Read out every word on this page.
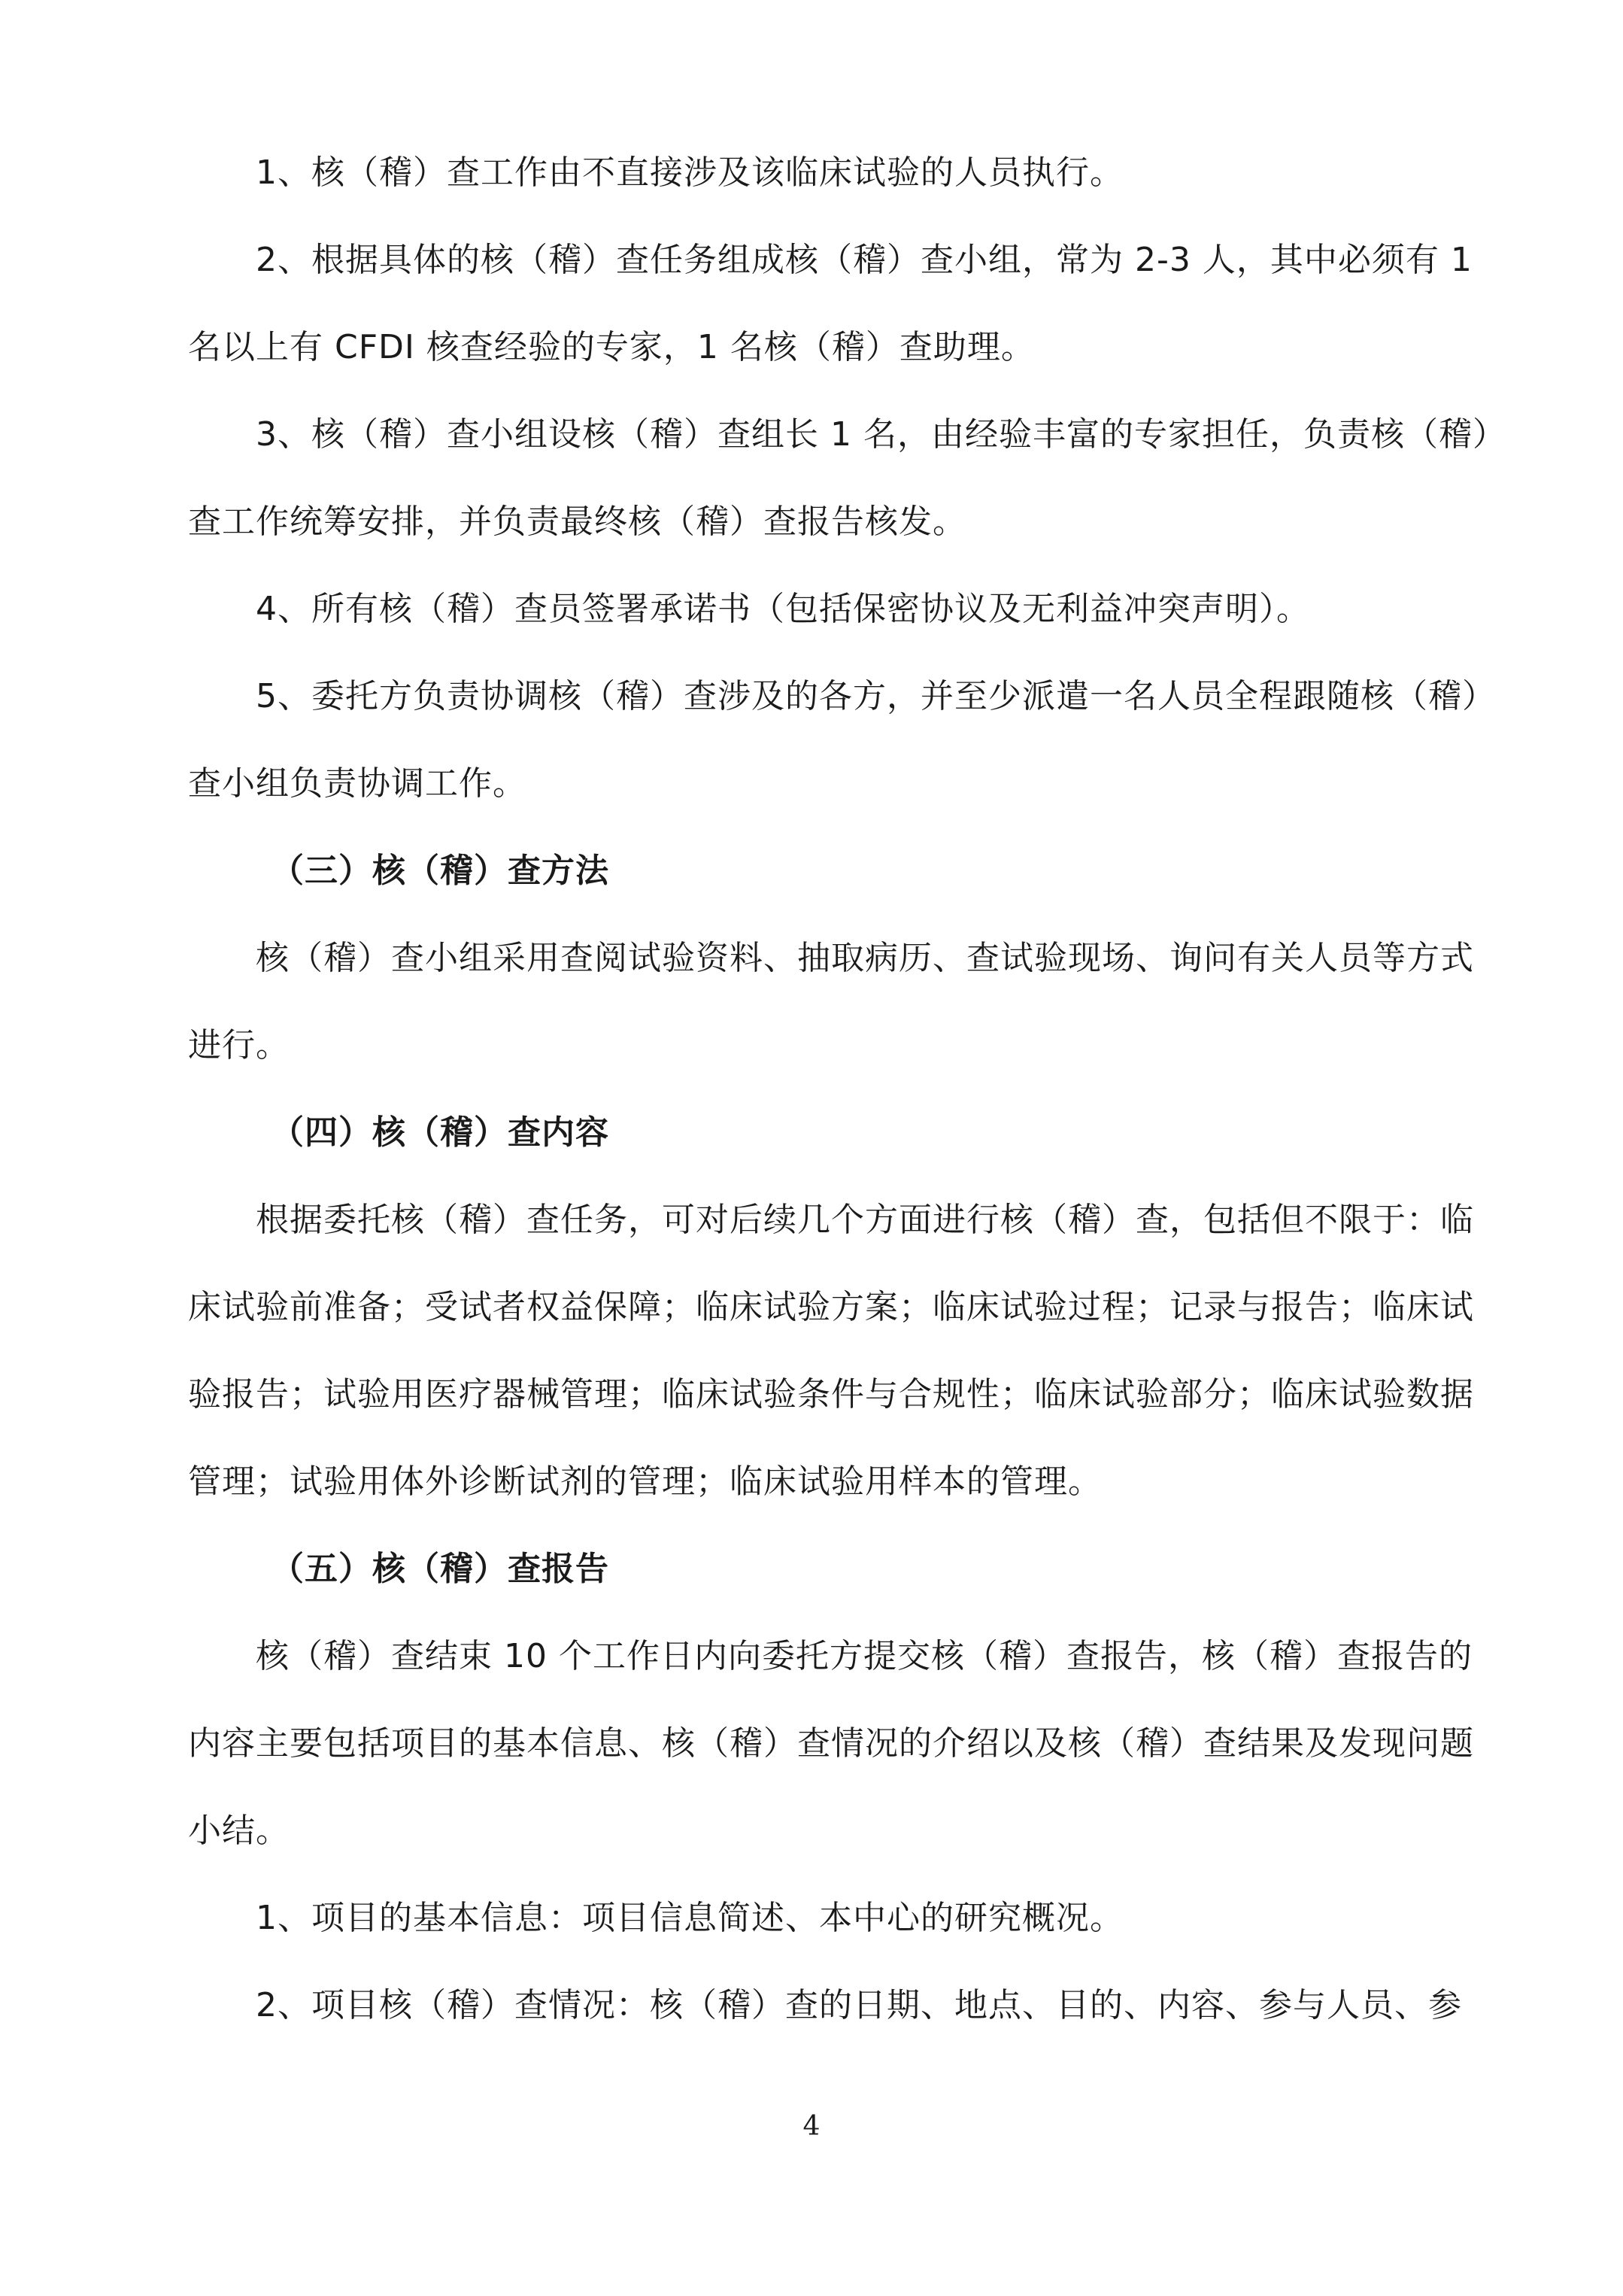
1、核（稽）查工作由不直接涉及该临床试验的人员执行。
2、根据具体的核（稽）查任务组成核（稽）查小组，常为 2-3 人，其中必须有 1
名以上有 CFDI 核查经验的专家，1 名核（稽）查助理。
3、核（稽）查小组设核（稽）查组长 1 名，由经验丰富的专家担任，负责核（稽）
查工作统筹安排，并负责最终核（稽）查报告核发。
4、所有核（稽）查员签署承诺书（包括保密协议及无利益冲突声明）。
5、委托方负责协调核（稽）查涉及的各方，并至少派遣一名人员全程跟随核（稽）
查小组负责协调工作。
（三）核（稽）查方法
核（稽）查小组采用查阅试验资料、抽取病历、查试验现场、询问有关人员等方式
进行。
（四）核（稽）查内容
根据委托核（稽）查任务，可对后续几个方面进行核（稽）查，包括但不限于：临
床试验前准备；受试者权益保障；临床试验方案；临床试验过程；记录与报告；临床试
验报告；试验用医疗器械管理；临床试验条件与合规性；临床试验部分；临床试验数据
管理；试验用体外诊断试剂的管理；临床试验用样本的管理。
（五）核（稽）查报告
核（稽）查结束 10 个工作日内向委托方提交核（稽）查报告，核（稽）查报告的
内容主要包括项目的基本信息、核（稽）查情况的介绍以及核（稽）查结果及发现问题
小结。
1、项目的基本信息：项目信息简述、本中心的研究概况。
2、项目核（稽）查情况：核（稽）查的日期、地点、目的、内容、参与人员、参
4
